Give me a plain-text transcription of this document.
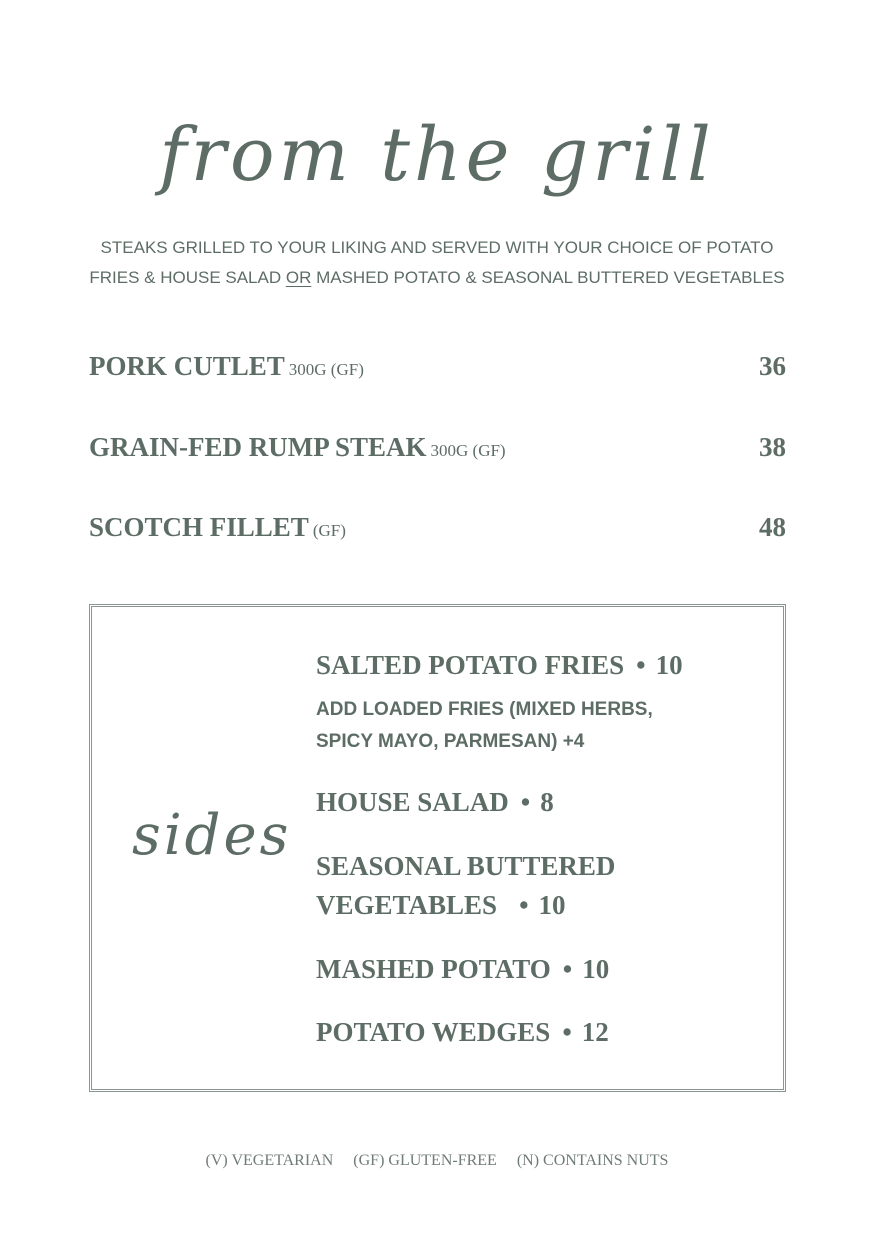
from the grill
STEAKS GRILLED TO YOUR LIKING AND SERVED WITH YOUR CHOICE OF POTATO
FRIES & HOUSE SALAD OR MASHED POTATO & SEASONAL BUTTERED VEGETABLES
PORK CUTLET 300G (GF)	36
GRAIN-FED RUMP STEAK 300G (GF)	38
SCOTCH FILLET (GF)	48
sides
SALTED POTATO FRIES • 10
ADD LOADED FRIES (MIXED HERBS,
SPICY MAYO, PARMESAN) +4
HOUSE SALAD • 8
SEASONAL BUTTERED
VEGETABLES • 10
MASHED POTATO • 10
POTATO WEDGES • 12
(V) VEGETARIAN (GF) GLUTEN-FREE (N) CONTAINS NUTS
